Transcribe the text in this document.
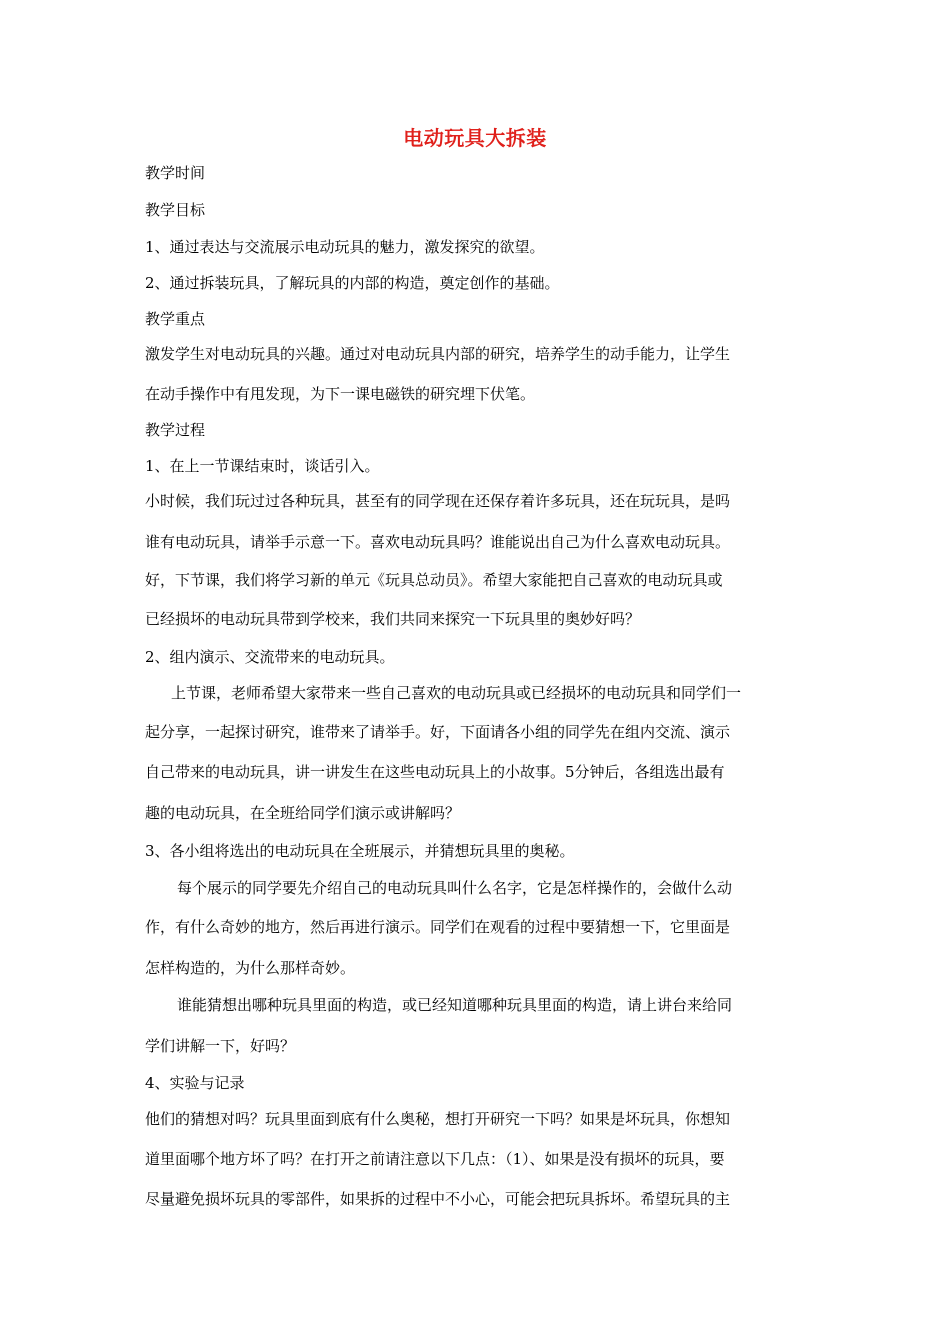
电动玩具大拆装
教学时间
教学目标
1、通过表达与交流展示电动玩具的魅力，激发探究的欲望。
2、通过拆装玩具，了解玩具的内部的构造，奠定创作的基础。
教学重点
激发学生对电动玩具的兴趣。通过对电动玩具内部的研究，培养学生的动手能力，让学生
在动手操作中有甩发现，为下一课电磁铁的研究埋下伏笔。
教学过程
1、在上一节课结束时，谈话引入。
小时候，我们玩过过各种玩具，甚至有的同学现在还保存着许多玩具，还在玩玩具，是吗
谁有电动玩具，请举手示意一下。喜欢电动玩具吗？谁能说出自己为什么喜欢电动玩具。
好，下节课，我们将学习新的单元《玩具总动员》。希望大家能把自己喜欢的电动玩具或
已经损坏的电动玩具带到学校来，我们共同来探究一下玩具里的奥妙好吗？
2、组内演示、交流带来的电动玩具。
上节课，老师希望大家带来一些自己喜欢的电动玩具或已经损坏的电动玩具和同学们一
起分享，一起探讨研究，谁带来了请举手。好，下面请各小组的同学先在组内交流、演示
自己带来的电动玩具，讲一讲发生在这些电动玩具上的小故事。5分钟后，各组选出最有
趣的电动玩具，在全班给同学们演示或讲解吗？
3、各小组将选出的电动玩具在全班展示，并猜想玩具里的奥秘。
每个展示的同学要先介绍自己的电动玩具叫什么名字，它是怎样操作的，会做什么动
作，有什么奇妙的地方，然后再进行演示。同学们在观看的过程中要猜想一下，它里面是
怎样构造的，为什么那样奇妙。
谁能猜想出哪种玩具里面的构造，或已经知道哪种玩具里面的构造，请上讲台来给同
学们讲解一下，好吗？
4、实验与记录
他们的猜想对吗？玩具里面到底有什么奥秘，想打开研究一下吗？如果是坏玩具，你想知
道里面哪个地方坏了吗？在打开之前请注意以下几点：（1）、如果是没有损坏的玩具，要
尽量避免损坏玩具的零部件，如果拆的过程中不小心，可能会把玩具拆坏。希望玩具的主
